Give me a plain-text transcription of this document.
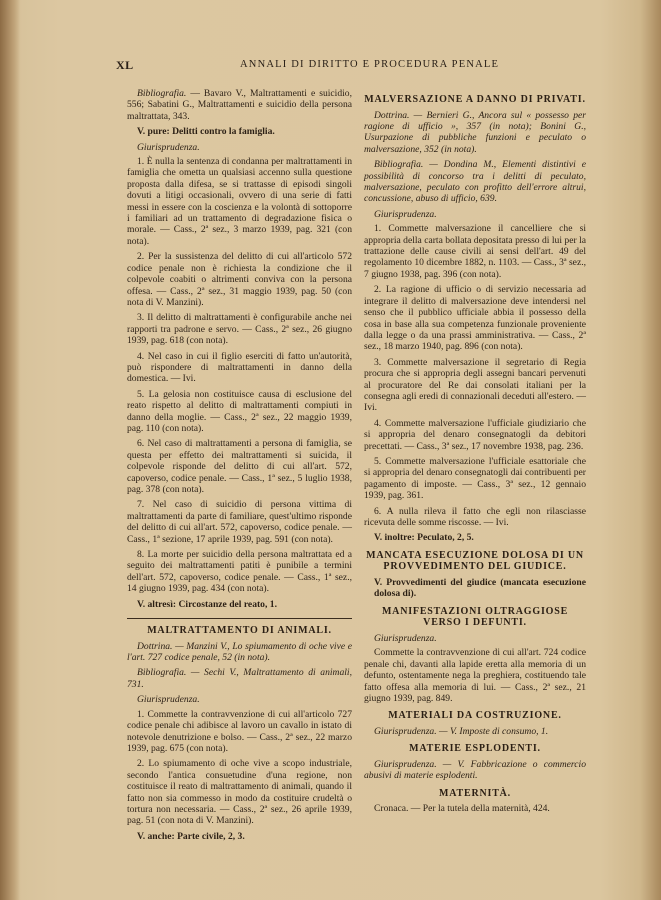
XL	ANNALI DI DIRITTO E PROCEDURA PENALE

Bibliografia. — Bavaro V., Maltrattamenti e suicidio, 556; Sabatini G., Maltrattamenti e suicidio della persona maltrattata, 343.

V. pure: Delitti contro la famiglia.

Giurisprudenza.

1. È nulla la sentenza di condanna per maltrattamenti in famiglia che ometta un qualsiasi accenno sulla questione proposta dalla difesa, se si trattasse di episodi singoli dovuti a litigi occasionali, ovvero di una serie di fatti messi in essere con la coscienza e la volontà di sottoporre i familiari ad un trattamento di degradazione fisica o morale. — Cass., 2ª sez., 3 marzo 1939, pag. 321 (con nota).

2. Per la sussistenza del delitto di cui all'articolo 572 codice penale non è richiesta la condizione che il colpevole coabiti o altrimenti conviva con la persona offesa. — Cass., 2ª sez., 31 maggio 1939, pag. 50 (con nota di V. Manzini).

3. Il delitto di maltrattamenti è configurabile anche nei rapporti tra padrone e servo. — Cass., 2ª sez., 26 giugno 1939, pag. 618 (con nota).

4. Nel caso in cui il figlio eserciti di fatto un'autorità, può rispondere di maltrattamenti in danno della domestica. — Ivi.

5. La gelosia non costituisce causa di esclusione del reato rispetto al delitto di maltrattamenti compiuti in danno della moglie. — Cass., 2ª sez., 22 maggio 1939, pag. 110 (con nota).

6. Nel caso di maltrattamenti a persona di famiglia, se questa per effetto dei maltrattamenti si suicida, il colpevole risponde del delitto di cui all'art. 572, capoverso, codice penale. — Cass., 1ª sez., 5 luglio 1938, pag. 378 (con nota).

7. Nel caso di suicidio di persona vittima di maltrattamenti da parte di familiare, quest'ultimo risponde del delitto di cui all'art. 572, capoverso, codice penale. — Cass., 1ª sezione, 17 aprile 1939, pag. 591 (con nota).

8. La morte per suicidio della persona maltrattata ed a seguito dei maltrattamenti patiti è punibile a termini dell'art. 572, capoverso, codice penale. — Cass., 1ª sez., 14 giugno 1939, pag. 434 (con nota).

V. altresì: Circostanze del reato, 1.

MALTRATTAMENTO DI ANIMALI.

Dottrina. — Manzini V., Lo spiumamento di oche vive e l'art. 727 codice penale, 52 (in nota).

Bibliografia. — Sechi V., Maltrattamento di animali, 731.

Giurisprudenza.

1. Commette la contravvenzione di cui all'articolo 727 codice penale chi adibisce al lavoro un cavallo in istato di notevole denutrizione e bolso. — Cass., 2ª sez., 22 marzo 1939, pag. 675 (con nota).

2. Lo spiumamento di oche vive a scopo industriale, secondo l'antica consuetudine d'una regione, non costituisce il reato di maltrattamento di animali, quando il fatto non sia commesso in modo da costituire crudeltà o tortura non necessaria. — Cass., 2ª sez., 26 aprile 1939, pag. 51 (con nota di V. Manzini).

V. anche: Parte civile, 2, 3.

MALVERSAZIONE A DANNO DI PRIVATI.

Dottrina. — Bernieri G., Ancora sul « possesso per ragione di ufficio », 357 (in nota); Bonini G., Usurpazione di pubbliche funzioni e peculato o malversazione, 352 (in nota).

Bibliografia. — Dondina M., Elementi distintivi e possibilità di concorso tra i delitti di peculato, malversazione, peculato con profitto dell'errore altrui, concussione, abuso di ufficio, 639.

Giurisprudenza.

1. Commette malversazione il cancelliere che si appropria della carta bollata depositata presso di lui per la trattazione delle cause civili ai sensi dell'art. 49 del regolamento 10 dicembre 1882, n. 1103. — Cass., 3ª sez., 7 giugno 1938, pag. 396 (con nota).

2. La ragione di ufficio o di servizio necessaria ad integrare il delitto di malversazione deve intendersi nel senso che il pubblico ufficiale abbia il possesso della cosa in base alla sua competenza funzionale proveniente dalla legge o da una prassi amministrativa. — Cass., 2ª sez., 18 marzo 1940, pag. 896 (con nota).

3. Commette malversazione il segretario di Regia procura che si appropria degli assegni bancari pervenuti al procuratore del Re dai consolati italiani per la consegna agli eredi di connazionali deceduti all'estero. — Ivi.

4. Commette malversazione l'ufficiale giudiziario che si appropria del denaro consegnatogli da debitori precettati. — Cass., 3ª sez., 17 novembre 1938, pag. 236.

5. Commette malversazione l'ufficiale esattoriale che si appropria del denaro consegnatogli dai contribuenti per pagamento di imposte. — Cass., 3ª sez., 12 gennaio 1939, pag. 361.

6. A nulla rileva il fatto che egli non rilasciasse ricevuta delle somme riscosse. — Ivi.

V. inoltre: Peculato, 2, 5.

MANCATA ESECUZIONE DOLOSA DI UN PROVVEDIMENTO DEL GIUDICE.

V. Provvedimenti del giudice (mancata esecuzione dolosa di).

MANIFESTAZIONI OLTRAGGIOSE VERSO I DEFUNTI.

Giurisprudenza.

Commette la contravvenzione di cui all'art. 724 codice penale chi, davanti alla lapide eretta alla memoria di un defunto, ostentamente nega la preghiera, costituendo tale fatto offesa alla memoria di lui. — Cass., 2ª sez., 21 giugno 1939, pag. 849.

MATERIALI DA COSTRUZIONE.

Giurisprudenza. — V. Imposte di consumo, 1.

MATERIE ESPLODENTI.

Giurisprudenza. — V. Fabbricazione o commercio abusivi di materie esplodenti.

MATERNITÀ.

Cronaca. — Per la tutela della maternità, 424.
